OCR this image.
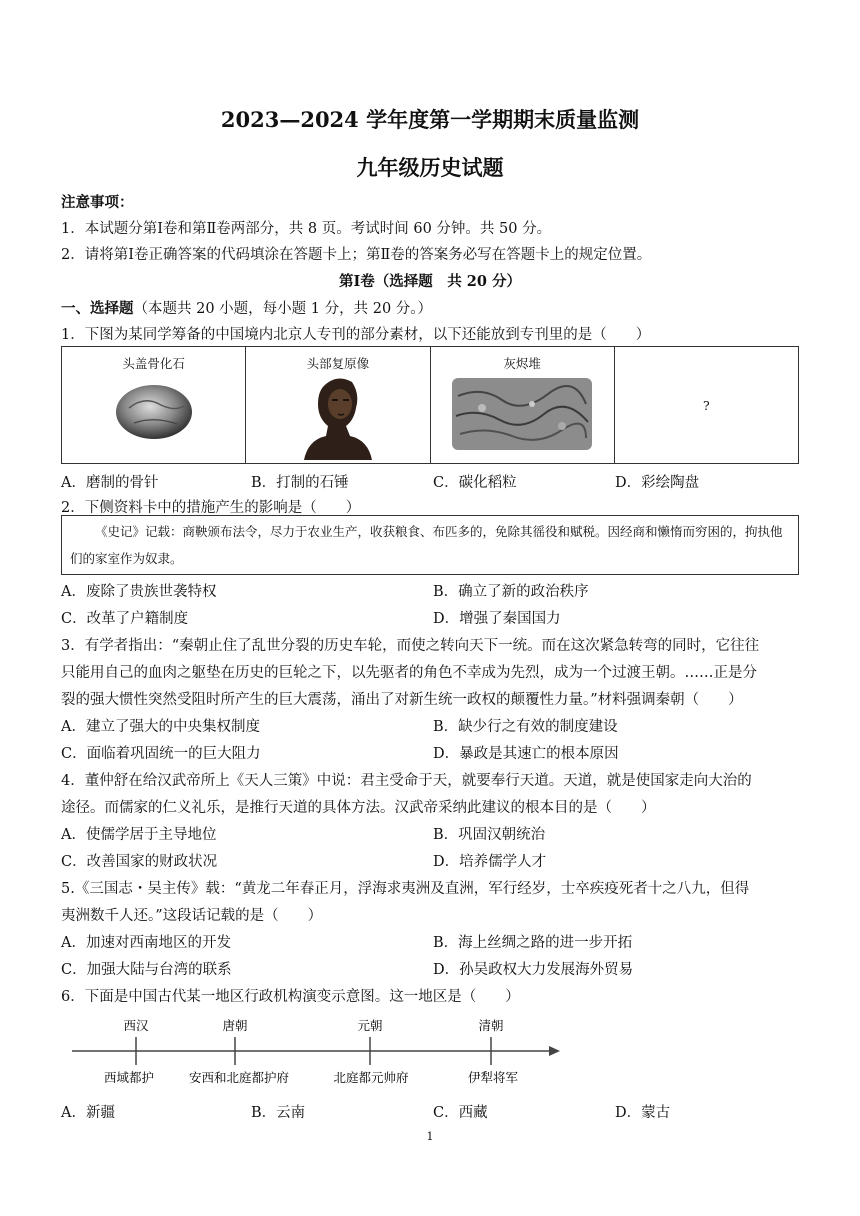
2023—2024 学年度第一学期期末质量监测
九年级历史试题
注意事项：
1．本试题分第Ⅰ卷和第Ⅱ卷两部分，共 8 页。考试时间 60 分钟。共 50 分。
2．请将第Ⅰ卷正确答案的代码填涂在答题卡上；第Ⅱ卷的答案务必写在答题卡上的规定位置。
第Ⅰ卷（选择题　共 20 分）
一、选择题（本题共 20 小题，每小题 1 分，共 20 分。）
1．下图为某同学筹备的中国境内北京人专刊的部分素材，以下还能放到专刊里的是（　　）
头盖骨化石	头部复原像	灰烬堆
	?
A．磨制的骨针	B．打制的石锤	C．碳化稻粒	D．彩绘陶盘
2．下侧资料卡中的措施产生的影响是（　　）
《史记》记载：商鞅颁布法令，尽力于农业生产，收获粮食、布匹多的，免除其徭役和赋税。因经商和懒惰而穷困的，拘执他们的家室作为奴隶。
A．废除了贵族世袭特权	B．确立了新的政治秩序
C．改革了户籍制度	D．增强了秦国国力
3．有学者指出：“秦朝止住了乱世分裂的历史车轮，而使之转向天下一统。而在这次紧急转弯的同时，它往往
只能用自己的血肉之躯垫在历史的巨轮之下，以先驱者的角色不幸成为先烈，成为一个过渡王朝。……正是分
裂的强大惯性突然受阻时所产生的巨大震荡，涌出了对新生统一政权的颠覆性力量。”材料强调秦朝（　　）
A．建立了强大的中央集权制度	B．缺少行之有效的制度建设
C．面临着巩固统一的巨大阻力	D．暴政是其速亡的根本原因
4．董仲舒在给汉武帝所上《天人三策》中说：君主受命于天，就要奉行天道。天道，就是使国家走向大治的
途径。而儒家的仁义礼乐，是推行天道的具体方法。汉武帝采纳此建议的根本目的是（　　）
A．使儒学居于主导地位	B．巩固汉朝统治
C．改善国家的财政状况	D．培养儒学人才
5.《三国志・吴主传》载：“黄龙二年春正月，浮海求夷洲及直洲，军行经岁，士卒疾疫死者十之八九，但得
夷洲数千人还。”这段话记载的是（　　）
A．加速对西南地区的开发	B．海上丝绸之路的进一步开拓
C．加强大陆与台湾的联系	D．孙吴政权大力发展海外贸易
6．下面是中国古代某一地区行政机构演变示意图。这一地区是（　　）
西汉	唐朝	元朝	清朝
西域都护	安西和北庭都护府	北庭都元帅府	伊犁将军
A．新疆	B．云南	C．西藏	D．蒙古
1
